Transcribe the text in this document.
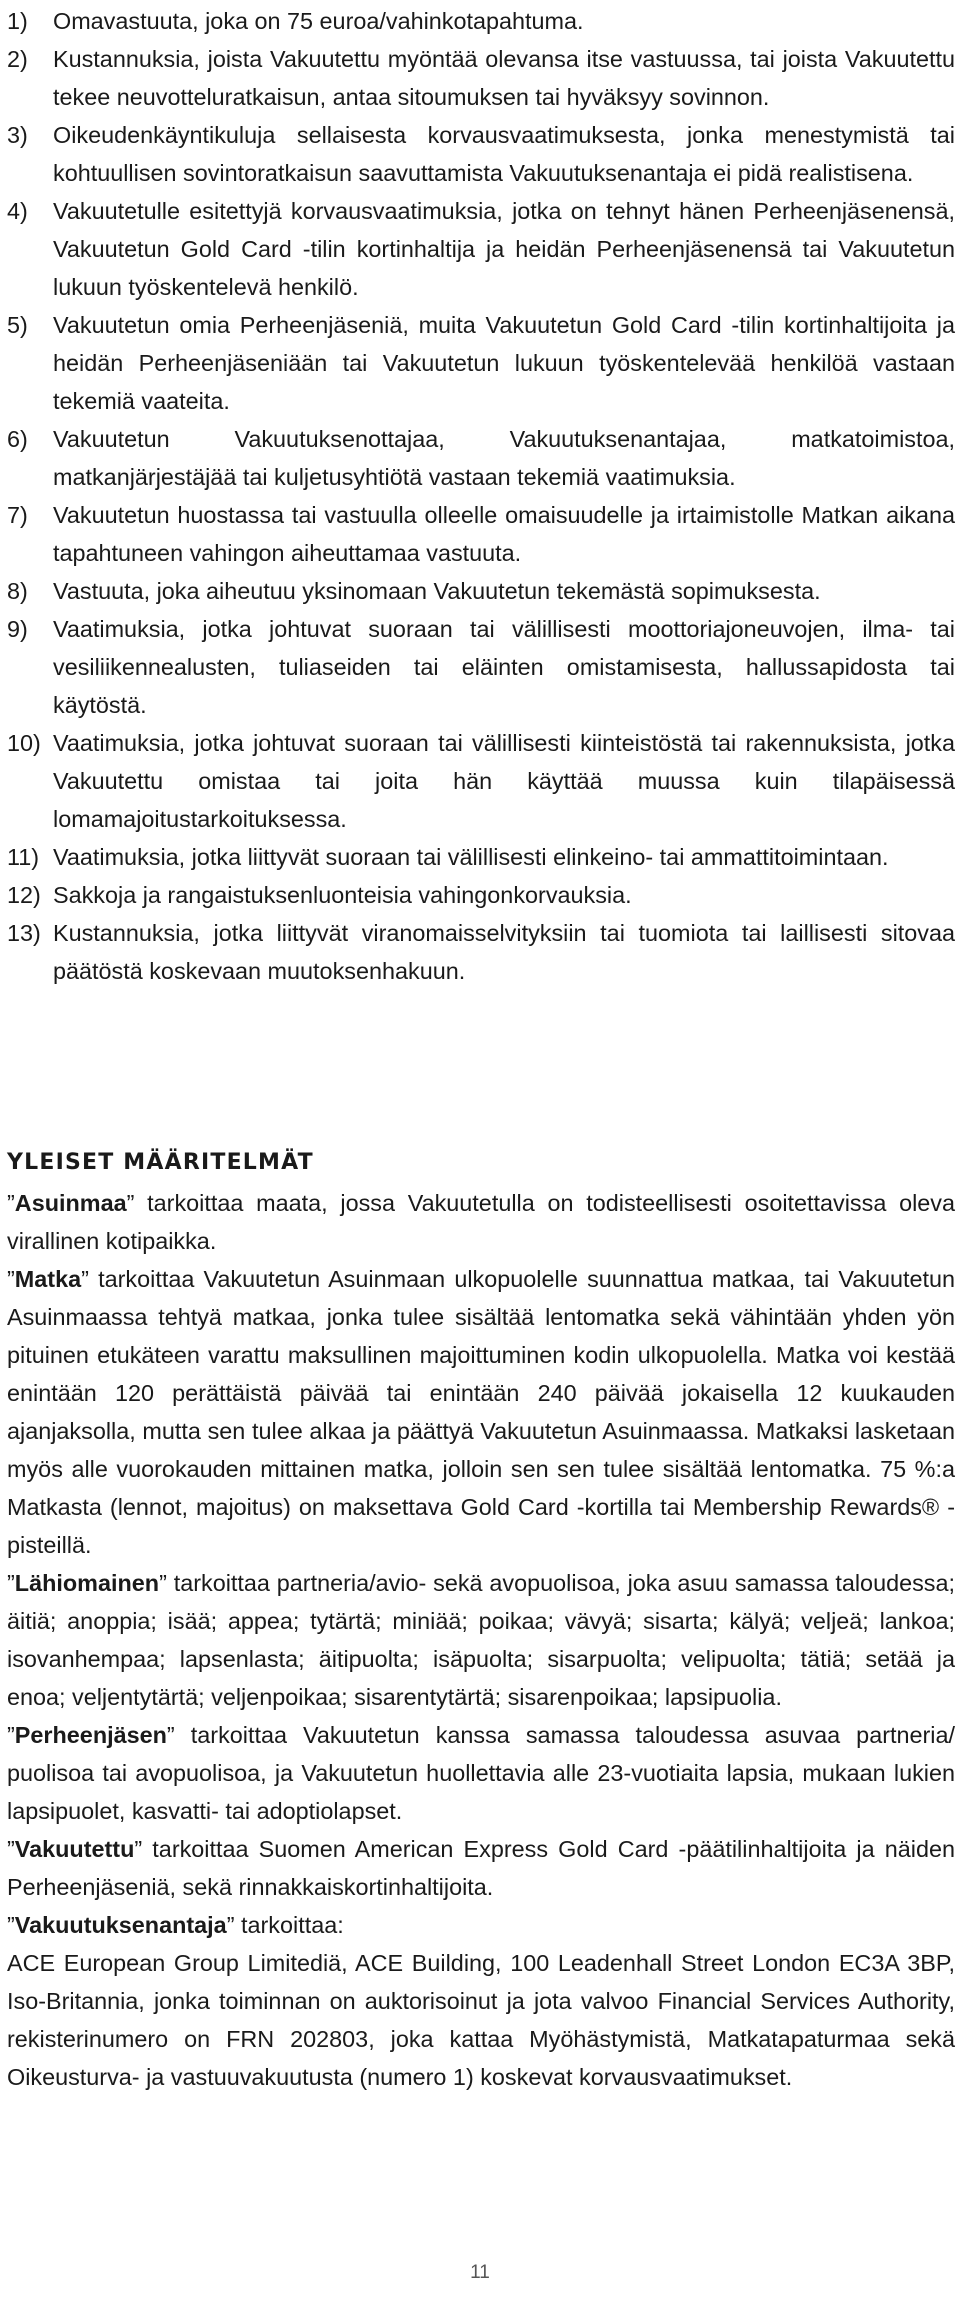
1)	Omavastuuta, joka on 75 euroa/vahinkotapahtuma.
2)	Kustannuksia, joista Vakuutettu myöntää olevansa itse vastuussa, tai joista Vakuutettu tekee neuvotteluratkaisun, antaa sitoumuksen tai hyväksyy sovinnon.
3)	Oikeudenkäyntikuluja sellaisesta korvausvaatimuksesta, jonka menestymistä tai kohtuullisen sovintoratkaisun saavuttamista Vakuutuksenantaja ei pidä realistisena.
4)	Vakuutetulle esitettyjä korvausvaatimuksia, jotka on tehnyt hänen Perheenjäsenensä, Vakuutetun Gold Card -tilin kortinhaltija ja heidän Perheenjäsenensä tai Vakuutetun lukuun työskentelevä henkilö.
5)	Vakuutetun omia Perheenjäseniä, muita Vakuutetun Gold Card -tilin kortinhaltijoita ja heidän Perheenjäseniään tai Vakuutetun lukuun työskentelevää henkilöä vastaan tekemiä vaateita.
6)	Vakuutetun Vakuutuksenottajaa, Vakuutuksenantajaa, matkatoimistoa, matkanjärjestäjää tai kuljetusyhtiötä vastaan tekemiä vaatimuksia.
7)	Vakuutetun huostassa tai vastuulla olleelle omaisuudelle ja irtaimistolle Matkan aikana tapahtuneen vahingon aiheuttamaa vastuuta.
8)	Vastuuta, joka aiheutuu yksinomaan Vakuutetun tekemästä sopimuksesta.
9)	Vaatimuksia, jotka johtuvat suoraan tai välillisesti moottoriajoneuvojen, ilma- tai vesiliikennealusten, tuliaseiden tai eläinten omistamisesta, hallussapidosta tai käytöstä.
10) Vaatimuksia, jotka johtuvat suoraan tai välillisesti kiinteistöstä tai rakennuksista, jotka Vakuutettu omistaa tai joita hän käyttää muussa kuin tilapäisessä lomamajoitustarkoituksessa.
11) Vaatimuksia, jotka liittyvät suoraan tai välillisesti elinkeino- tai ammattitoimintaan.
12) Sakkoja ja rangaistuksenluonteisia vahingonkorvauksia.
13) Kustannuksia, jotka liittyvät viranomaisselvityksiin tai tuomiota tai laillisesti sitovaa päätöstä koskevaan muutoksenhakuun.
YLEISET MÄÄRITELMÄT

”Asuinmaa” tarkoittaa maata, jossa Vakuutetulla on todisteellisesti osoitettavissa oleva virallinen kotipaikka.

”Matka” tarkoittaa Vakuutetun Asuinmaan ulkopuolelle suunnattua matkaa, tai Vakuutetun Asuinmaassa tehtyä matkaa, jonka tulee sisältää lentomatka sekä vähintään yhden yön pituinen etukäteen varattu maksullinen majoittuminen kodin ulkopuolella. Matka voi kestää enintään 120 perättäistä päivää tai enintään 240 päivää jokaisella 12 kuukauden ajanjaksolla, mutta sen tulee alkaa ja päättyä Vakuutetun Asuinmaassa. Matkaksi lasketaan myös alle vuorokauden mittainen matka, jolloin sen sen tulee sisältää lentomatka. 75 %:a Matkasta (lennot, majoitus) on maksettava Gold Card -kortilla tai Membership Rewards® -pisteillä.

”Lähiomainen” tarkoittaa partneria/avio- sekä avopuolisoa, joka asuu samassa taloudessa; äitiä; anoppia; isää; appea; tytärtä; miniää; poikaa; vävyä; sisarta; kälyä; veljeä; lankoa; isovanhempaa; lapsenlasta; äitipuolta; isäpuolta; sisarpuolta; velipuolta; tätiä; setää ja enoa; veljentytärtä; veljenpoikaa; sisarentytärtä; sisarenpoikaa; lapsipuolia.

”Perheenjäsen” tarkoittaa Vakuutetun kanssa samassa taloudessa asuvaa partneria/ puolisoa tai avopuolisoa, ja Vakuutetun huollettavia alle 23-vuotiaita lapsia, mukaan lukien lapsipuolet, kasvatti- tai adoptiolapset.

”Vakuutettu” tarkoittaa Suomen American Express Gold Card -päätilinhaltijoita ja näiden Perheenjäseniä, sekä rinnakkaiskortinhaltijoita.

”Vakuutuksenantaja” tarkoittaa:

ACE European Group Limitediä, ACE Building, 100 Leadenhall Street London EC3A 3BP, Iso-Britannia, jonka toiminnan on auktorisoinut ja jota valvoo Financial Services Authority, rekisterinumero on FRN 202803, joka kattaa Myöhästymistä, Matkatapaturmaa sekä Oikeusturva- ja vastuuvakuutusta (numero 1) koskevat korvausvaatimukset.

11
